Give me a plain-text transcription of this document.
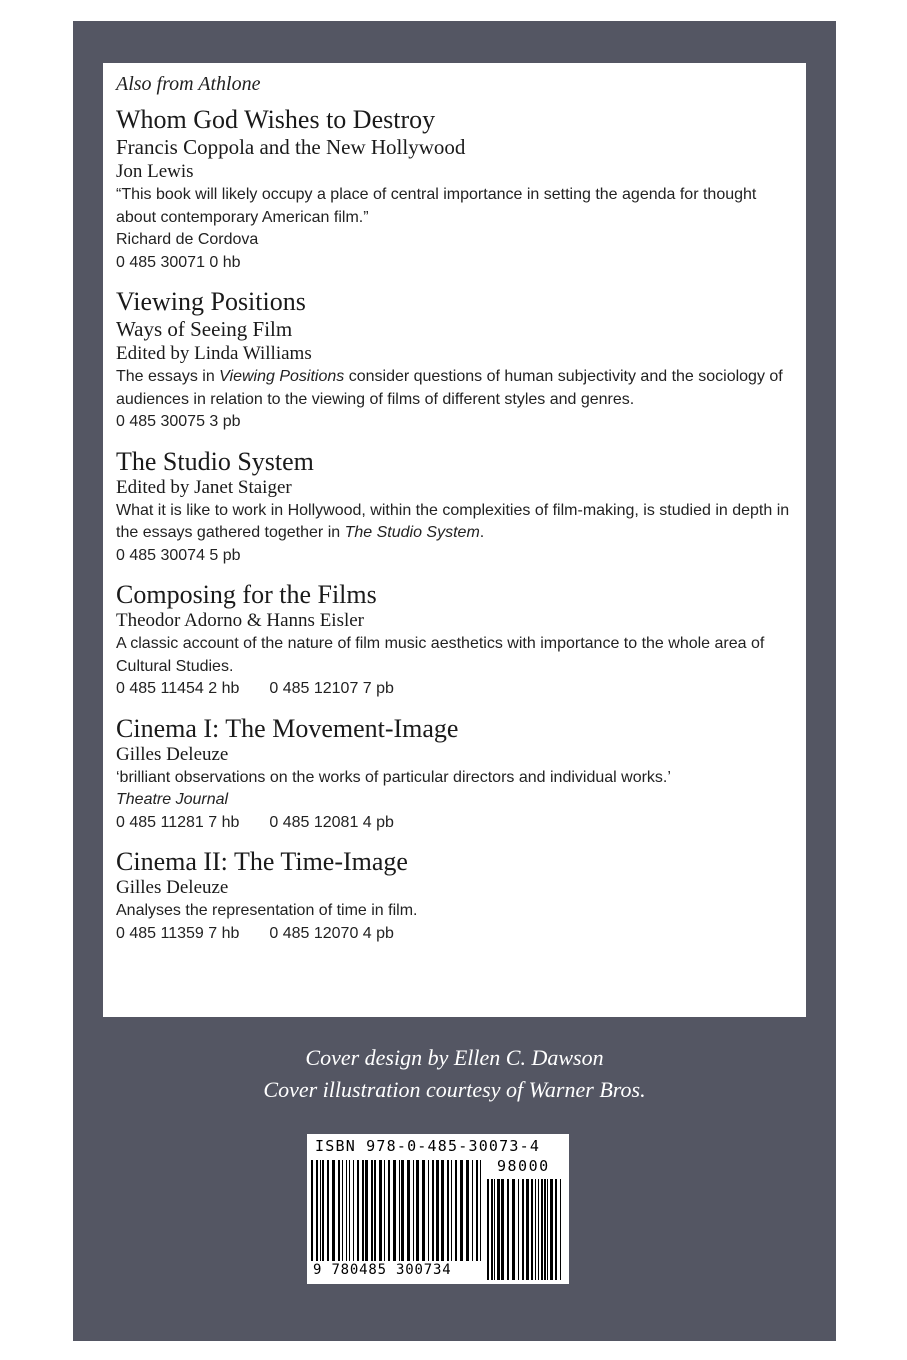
Also from Athlone
Whom God Wishes to Destroy
Francis Coppola and the New Hollywood
Jon Lewis
“This book will likely occupy a place of central importance in setting the agenda for thought about contemporary American film.”
Richard de Cordova
0 485 30071 0 hb
Viewing Positions
Ways of Seeing Film
Edited by Linda Williams
The essays in Viewing Positions consider questions of human subjectivity and the sociology of audiences in relation to the viewing of films of different styles and genres.
0 485 30075 3 pb
The Studio System
Edited by Janet Staiger
What it is like to work in Hollywood, within the complexities of film-making, is studied in depth in the essays gathered together in The Studio System.
0 485 30074 5 pb
Composing for the Films
Theodor Adorno & Hanns Eisler
A classic account of the nature of film music aesthetics with importance to the whole area of Cultural Studies.
0 485 11454 2 hb 0 485 12107 7 pb
Cinema I: The Movement-Image
Gilles Deleuze
‘brilliant observations on the works of particular directors and individual works.’
Theatre Journal
0 485 11281 7 hb 0 485 12081 4 pb
Cinema II: The Time-Image
Gilles Deleuze
Analyses the representation of time in film.
0 485 11359 7 hb 0 485 12070 4 pb
Cover design by Ellen C. Dawson
Cover illustration courtesy of Warner Bros.
ISBN 978-0-485-30073-4
98000
9 780485 300734
